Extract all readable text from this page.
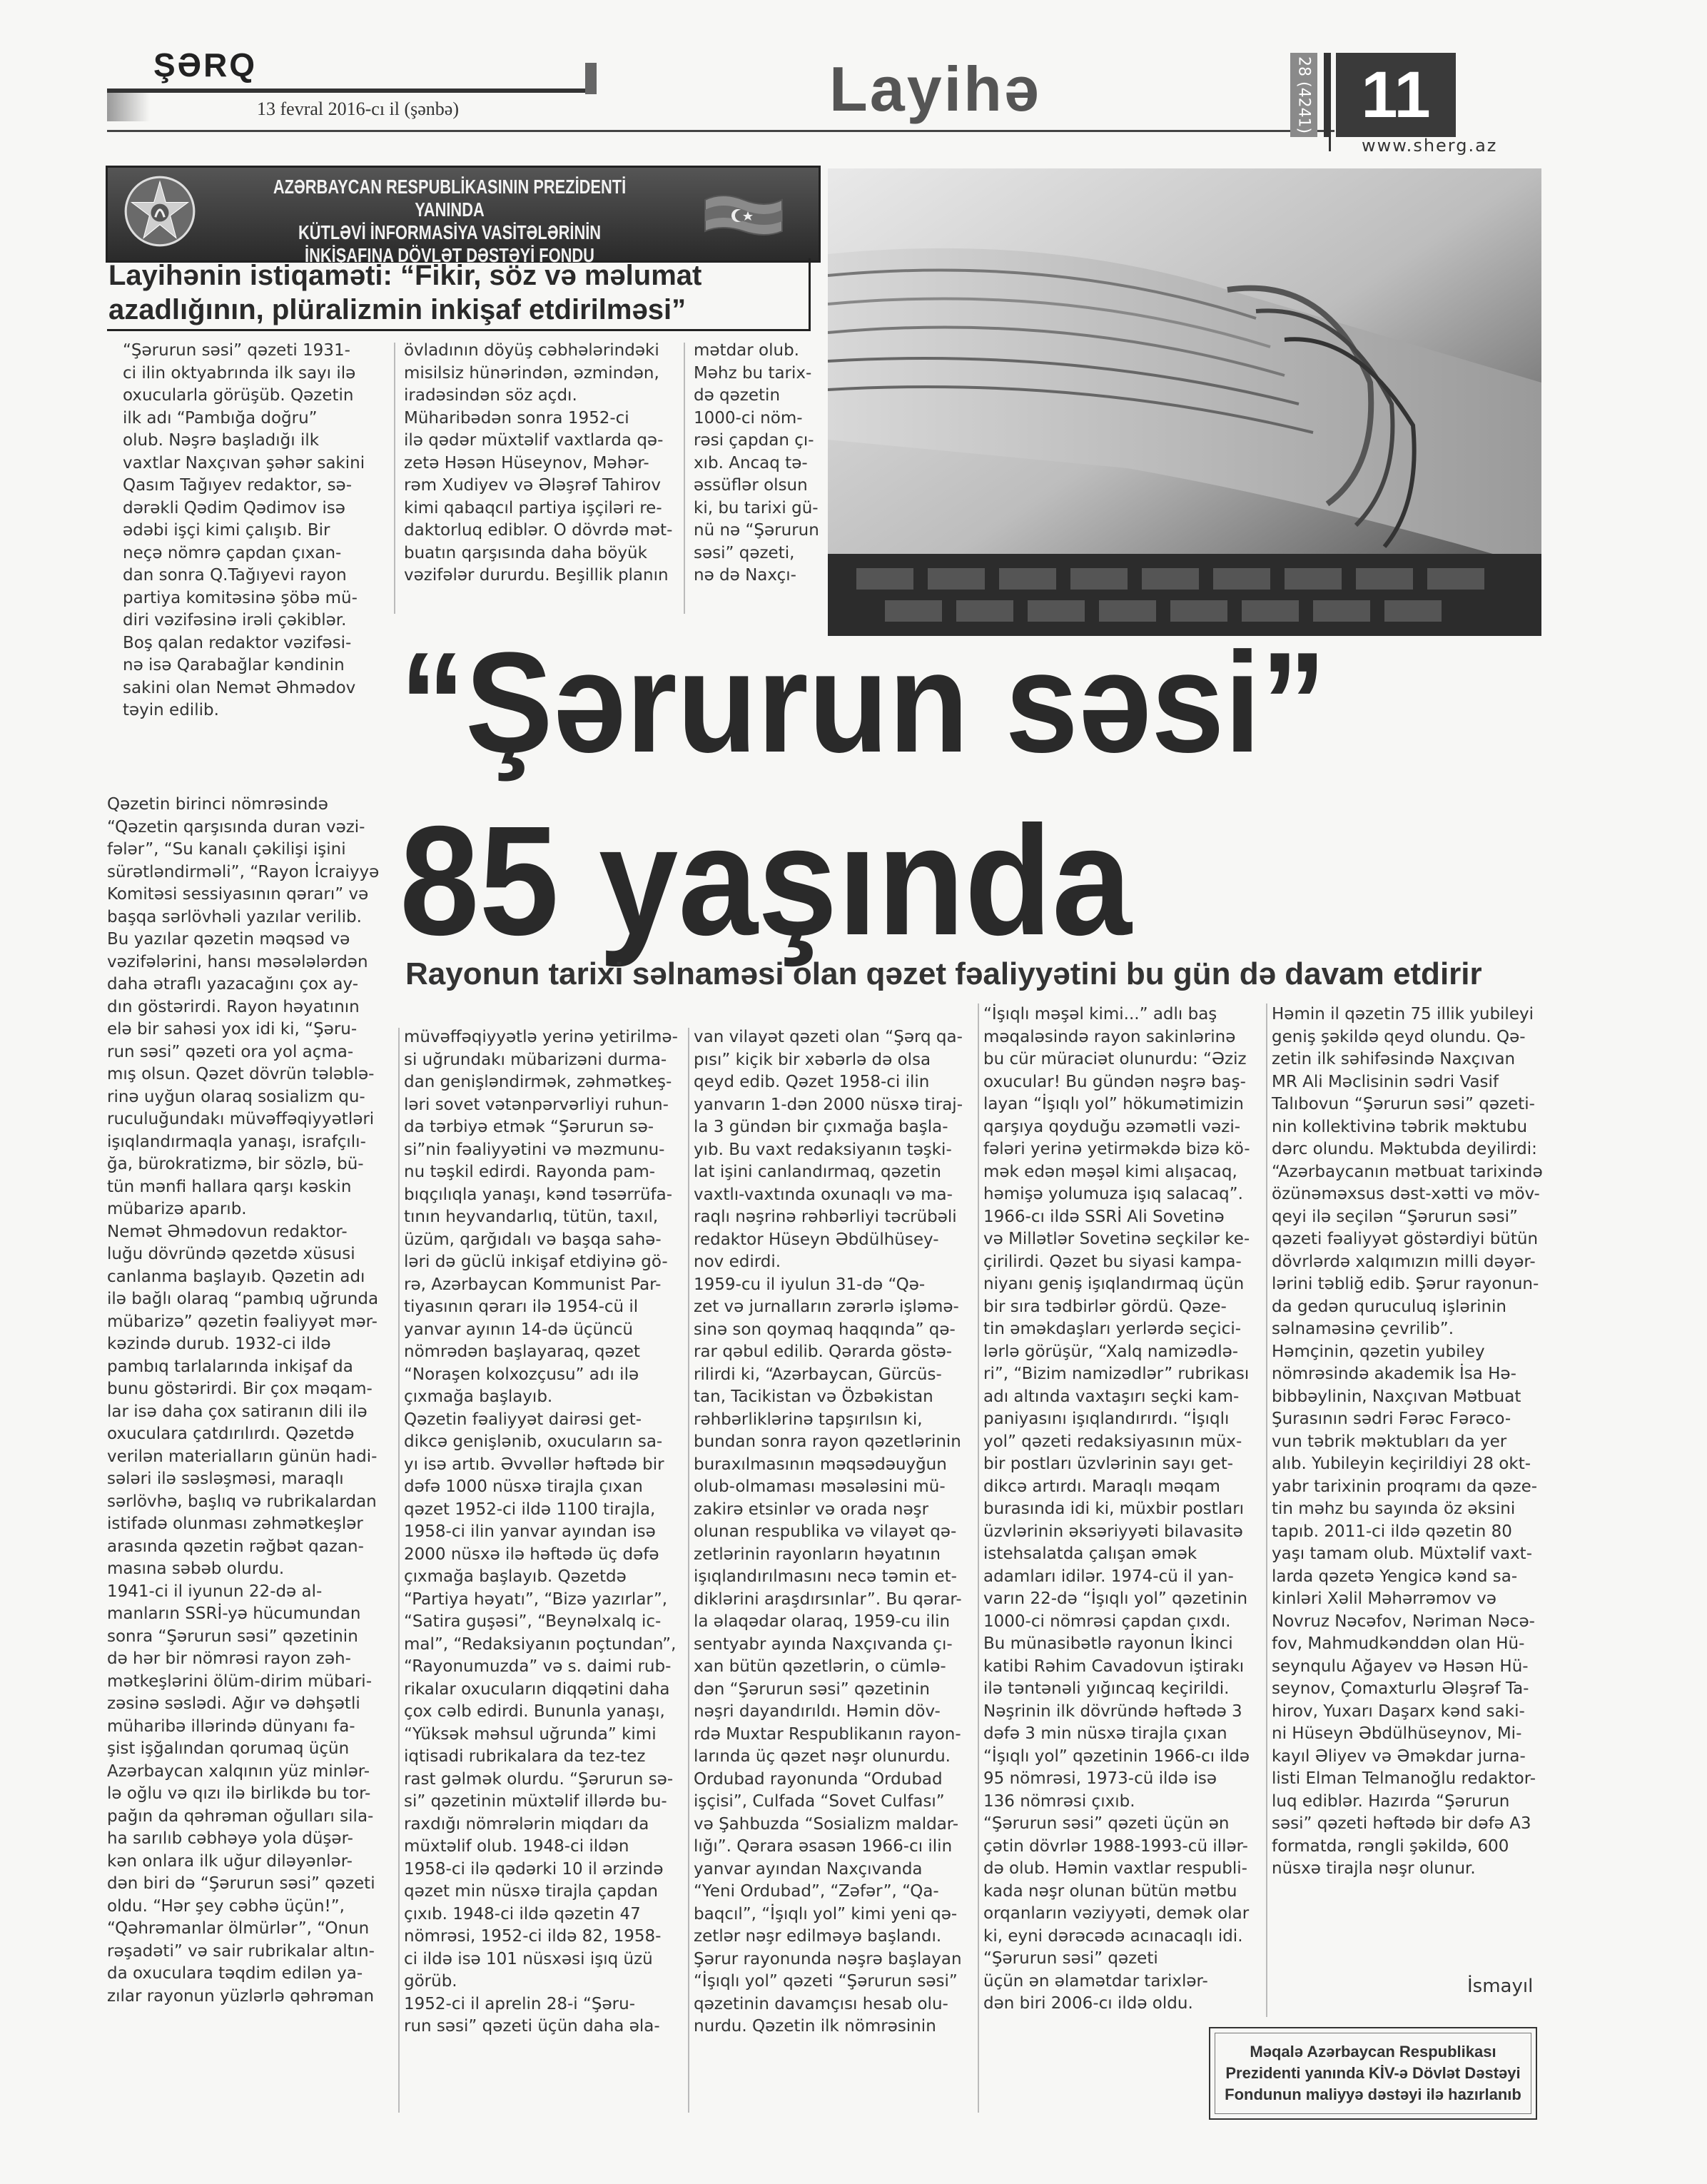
ŞƏRQ
13 fevral 2016-cı il (şənbə)	Layihə	28 (4241) 11
www.sherg.az
AZƏRBAYCAN RESPUBLİKASININ PREZİDENTİ YANINDA
KÜTLƏVİ İNFORMASİYA VASİTƏLƏRİNİN
İNKİŞAFINA DÖVLƏT DƏSTƏYİ FONDU
Layihənin istiqaməti: “Fikir, söz və məlumat azadlığının, plüralizmin inkişaf etdirilməsi”
“Şərurun səsi”
85 yaşında
Rayonun tarixi səlnaməsi olan qəzet fəaliyyətini bu gün də davam etdirir
“Şərurun səsi” qəzeti 1931-
ci ilin oktyabrında ilk sayı ilə
oxucularla görüşüb. Qəzetin
ilk adı “Pambığa doğru”
olub. Nəşrə başladığı ilk
vaxtlar Naxçıvan şəhər sakini
Qasım Tağıyev redaktor, sə-
dərəkli Qədim Qədimov isə
ədəbi işçi kimi çalışıb. Bir
neçə nömrə çapdan çıxan-
dan sonra Q.Tağıyevi rayon
partiya komitəsinə şöbə mü-
diri vəzifəsinə irəli çəkiblər.
Boş qalan redaktor vəzifəsi-
nə isə Qarabağlar kəndinin
sakini olan Nemət Əhmədov
təyin edilib.
övladının döyüş cəbhələrindəki
misilsiz hünərindən, əzmindən,
iradəsindən söz açdı.
Müharibədən sonra 1952-ci
ilə qədər müxtəlif vaxtlarda qə-
zetə Həsən Hüseynov, Məhər-
rəm Xudiyev və Ələşrəf Tahirov
kimi qabaqcıl partiya işçiləri re-
daktorluq ediblər. O dövrdə mət-
buatın qarşısında daha böyük
vəzifələr dururdu. Beşillik planın
mətdar olub.
Məhz bu tarix-
də qəzetin
1000-ci nöm-
rəsi çapdan çı-
xıb. Ancaq tə-
əssüflər olsun
ki, bu tarixi gü-
nü nə “Şərurun
səsi” qəzeti,
nə də Naxçı-
Qəzetin birinci nömrəsində
“Qəzetin qarşısında duran vəzi-
fələr”, “Su kanalı çəkilişi işini
sürətləndirməli”, “Rayon İcraiyyə
Komitəsi sessiyasının qərarı” və
başqa sərlövhəli yazılar verilib.
Bu yazılar qəzetin məqsəd və
vəzifələrini, hansı məsələlərdən
daha ətraflı yazacağını çox ay-
dın göstərirdi. Rayon həyatının
elə bir sahəsi yox idi ki, “Şəru-
run səsi” qəzeti ora yol açma-
mış olsun. Qəzet dövrün tələblə-
rinə uyğun olaraq sosializm qu-
ruculuğundakı müvəffəqiyyətləri
işıqlandırmaqla yanaşı, israfçılı-
ğa, bürokratizmə, bir sözlə, bü-
tün mənfi hallara qarşı kəskin
mübarizə aparıb.
Nemət Əhmədovun redaktor-
luğu dövründə qəzetdə xüsusi
canlanma başlayıb. Qəzetin adı
ilə bağlı olaraq “pambıq uğrunda
mübarizə” qəzetin fəaliyyət mər-
kəzində durub. 1932-ci ildə
pambıq tarlalarında inkişaf da
bunu göstərirdi. Bir çox məqam-
lar isə daha çox satiranın dili ilə
oxuculara çatdırılırdı. Qəzetdə
verilən materialların günün hadi-
sələri ilə səsləşməsi, maraqlı
sərlövhə, başlıq və rubrikalardan
istifadə olunması zəhmətkeşlər
arasında qəzetin rəğbət qazan-
masına səbəb olurdu.
1941-ci il iyunun 22-də al-
manların SSRİ-yə hücumundan
sonra “Şərurun səsi” qəzetinin
də hər bir nömrəsi rayon zəh-
mətkeşlərini ölüm-dirim mübari-
zəsinə səslədi. Ağır və dəhşətli
müharibə illərində dünyanı fa-
şist işğalından qorumaq üçün
Azərbaycan xalqının yüz minlər-
lə oğlu və qızı ilə birlikdə bu tor-
pağın da qəhrəman oğulları sila-
ha sarılıb cəbhəyə yola düşər-
kən onlara ilk uğur diləyənlər-
dən biri də “Şərurun səsi” qəzeti
oldu. “Hər şey cəbhə üçün!”,
“Qəhrəmanlar ölmürlər”, “Onun
rəşadəti” və sair rubrikalar altın-
da oxuculara təqdim edilən ya-
zılar rayonun yüzlərlə qəhrəman
müvəffəqiyyətlə yerinə yetirilmə-
si uğrundakı mübarizəni durma-
dan genişləndirmək, zəhmətkeş-
ləri sovet vətənpərvərliyi ruhun-
da tərbiyə etmək “Şərurun sə-
si”nin fəaliyyətini və məzmunu-
nu təşkil edirdi. Rayonda pam-
bıqçılıqla yanaşı, kənd təsərrüfa-
tının heyvandarlıq, tütün, taxıl,
üzüm, qarğıdalı və başqa sahə-
ləri də güclü inkişaf etdiyinə gö-
rə, Azərbaycan Kommunist Par-
tiyasının qərarı ilə 1954-cü il
yanvar ayının 14-də üçüncü
nömrədən başlayaraq, qəzet
“Noraşen kolxozçusu” adı ilə
çıxmağa başlayıb.
Qəzetin fəaliyyət dairəsi get-
dikcə genişlənib, oxucuların sa-
yı isə artıb. Əvvəllər həftədə bir
dəfə 1000 nüsxə tirajla çıxan
qəzet 1952-ci ildə 1100 tirajla,
1958-ci ilin yanvar ayından isə
2000 nüsxə ilə həftədə üç dəfə
çıxmağa başlayıb. Qəzetdə
“Partiya həyatı”, “Bizə yazırlar”,
“Satira guşəsi”, “Beynəlxalq ic-
mal”, “Redaksiyanın poçtundan”,
“Rayonumuzda” və s. daimi rub-
rikalar oxucuların diqqətini daha
çox cəlb edirdi. Bununla yanaşı,
“Yüksək məhsul uğrunda” kimi
iqtisadi rubrikalara da tez-tez
rast gəlmək olurdu. “Şərurun sə-
si” qəzetinin müxtəlif illərdə bu-
raxdığı nömrələrin miqdarı da
müxtəlif olub. 1948-ci ildən
1958-ci ilə qədərki 10 il ərzində
qəzet min nüsxə tirajla çapdan
çıxıb. 1948-ci ildə qəzetin 47
nömrəsi, 1952-ci ildə 82, 1958-
ci ildə isə 101 nüsxəsi işıq üzü
görüb.
1952-ci il aprelin 28-i “Şəru-
run səsi” qəzeti üçün daha əla-
van vilayət qəzeti olan “Şərq qa-
pısı” kiçik bir xəbərlə də olsa
qeyd edib. Qəzet 1958-ci ilin
yanvarın 1-dən 2000 nüsxə tiraj-
la 3 gündən bir çıxmağa başla-
yıb. Bu vaxt redaksiyanın təşki-
lat işini canlandırmaq, qəzetin
vaxtlı-vaxtında oxunaqlı və ma-
raqlı nəşrinə rəhbərliyi təcrübəli
redaktor Hüseyn Əbdülhüsey-
nov edirdi.
1959-cu il iyulun 31-də “Qə-
zet və jurnalların zərərlə işləmə-
sinə son qoymaq haqqında” qə-
rar qəbul edilib. Qərarda göstə-
rilirdi ki, “Azərbaycan, Gürcüs-
tan, Tacikistan və Özbəkistan
rəhbərliklərinə tapşırılsın ki,
bundan sonra rayon qəzetlərinin
buraxılmasının məqsədəuyğun
olub-olmaması məsələsini mü-
zakirə etsinlər və orada nəşr
olunan respublika və vilayət qə-
zetlərinin rayonların həyatının
işıqlandırılmasını necə təmin et-
diklərini araşdırsınlar”. Bu qərar-
la əlaqədar olaraq, 1959-cu ilin
sentyabr ayında Naxçıvanda çı-
xan bütün qəzetlərin, o cümlə-
dən “Şərurun səsi” qəzetinin
nəşri dayandırıldı. Həmin döv-
rdə Muxtar Respublikanın rayon-
larında üç qəzet nəşr olunurdu.
Ordubad rayonunda “Ordubad
işçisi”, Culfada “Sovet Culfası”
və Şahbuzda “Sosializm maldar-
lığı”. Qərara əsasən 1966-cı ilin
yanvar ayından Naxçıvanda
“Yeni Ordubad”, “Zəfər”, “Qa-
baqcıl”, “İşıqlı yol” kimi yeni qə-
zetlər nəşr edilməyə başlandı.
Şərur rayonunda nəşrə başlayan
“İşıqlı yol” qəzeti “Şərurun səsi”
qəzetinin davamçısı hesab olu-
nurdu. Qəzetin ilk nömrəsinin
“İşıqlı məşəl kimi...” adlı baş
məqaləsində rayon sakinlərinə
bu cür müraciət olunurdu: “Əziz
oxucular! Bu gündən nəşrə baş-
layan “İşıqlı yol” hökumətimizin
qarşıya qoyduğu əzəmətli vəzi-
fələri yerinə yetirməkdə bizə kö-
mək edən məşəl kimi alışacaq,
həmişə yolumuza işıq salacaq”.
1966-cı ildə SSRİ Ali Sovetinə
və Millətlər Sovetinə seçkilər ke-
çirilirdi. Qəzet bu siyasi kampa-
niyanı geniş işıqlandırmaq üçün
bir sıra tədbirlər gördü. Qəze-
tin əməkdaşları yerlərdə seçici-
lərlə görüşür, “Xalq namizədlə-
ri”, “Bizim namizədlər” rubrikası
adı altında vaxtaşırı seçki kam-
paniyasını işıqlandırırdı. “İşıqlı
yol” qəzeti redaksiyasının müx-
bir postları üzvlərinin sayı get-
dikcə artırdı. Maraqlı məqam
burasında idi ki, müxbir postları
üzvlərinin əksəriyyəti bilavasitə
istehsalatda çalışan əmək
adamları idilər. 1974-cü il yan-
varın 22-də “İşıqlı yol” qəzetinin
1000-ci nömrəsi çapdan çıxdı.
Bu münasibətlə rayonun İkinci
katibi Rəhim Cavadovun iştirakı
ilə təntənəli yığıncaq keçirildi.
Nəşrinin ilk dövründə həftədə 3
dəfə 3 min nüsxə tirajla çıxan
“İşıqlı yol” qəzetinin 1966-cı ildə
95 nömrəsi, 1973-cü ildə isə
136 nömrəsi çıxıb.
“Şərurun səsi” qəzeti üçün ən
çətin dövrlər 1988-1993-cü illər-
də olub. Həmin vaxtlar respubli-
kada nəşr olunan bütün mətbu
orqanların vəziyyəti, demək olar
ki, eyni dərəcədə acınacaqlı idi.
“Şərurun səsi” qəzeti
üçün ən əlamətdar tarixlər-
dən biri 2006-cı ildə oldu.
Həmin il qəzetin 75 illik yubileyi
geniş şəkildə qeyd olundu. Qə-
zetin ilk səhifəsində Naxçıvan
MR Ali Məclisinin sədri Vasif
Talıbovun “Şərurun səsi” qəzeti-
nin kollektivinə təbrik məktubu
dərc olundu. Məktubda deyilirdi:
“Azərbaycanın mətbuat tarixində
özünəməxsus dəst-xətti və möv-
qeyi ilə seçilən “Şərurun səsi”
qəzeti fəaliyyət göstərdiyi bütün
dövrlərdə xalqımızın milli dəyər-
lərini təbliğ edib. Şərur rayonun-
da gedən quruculuq işlərinin
səlnaməsinə çevrilib”.
Həmçinin, qəzetin yubiley
nömrəsində akademik İsa Hə-
bibbəylinin, Naxçıvan Mətbuat
Şurasının sədri Fərəc Fərəco-
vun təbrik məktubları da yer
alıb. Yubileyin keçirildiyi 28 okt-
yabr tarixinin proqramı da qəze-
tin məhz bu sayında öz əksini
tapıb. 2011-ci ildə qəzetin 80
yaşı tamam olub. Müxtəlif vaxt-
larda qəzetə Yengicə kənd sa-
kinləri Xəlil Məhərrəmov və
Novruz Nəcəfov, Nəriman Nəcə-
fov, Mahmudkənddən olan Hü-
seynqulu Ağayev və Həsən Hü-
seynov, Çomaxturlu Ələşrəf Ta-
hirov, Yuxarı Daşarx kənd saki-
ni Hüseyn Əbdülhüseynov, Mi-
kayıl Əliyev və Əməkdar jurna-
listi Elman Telmanoğlu redaktor-
luq ediblər. Hazırda “Şərurun
səsi” qəzeti həftədə bir dəfə A3
formatda, rəngli şəkildə, 600
nüsxə tirajla nəşr olunur.
İsmayıl
Məqalə Azərbaycan Respublikası Prezidenti yanında KİV-ə Dövlət Dəstəyi Fondunun maliyyə dəstəyi ilə hazırlanıb
